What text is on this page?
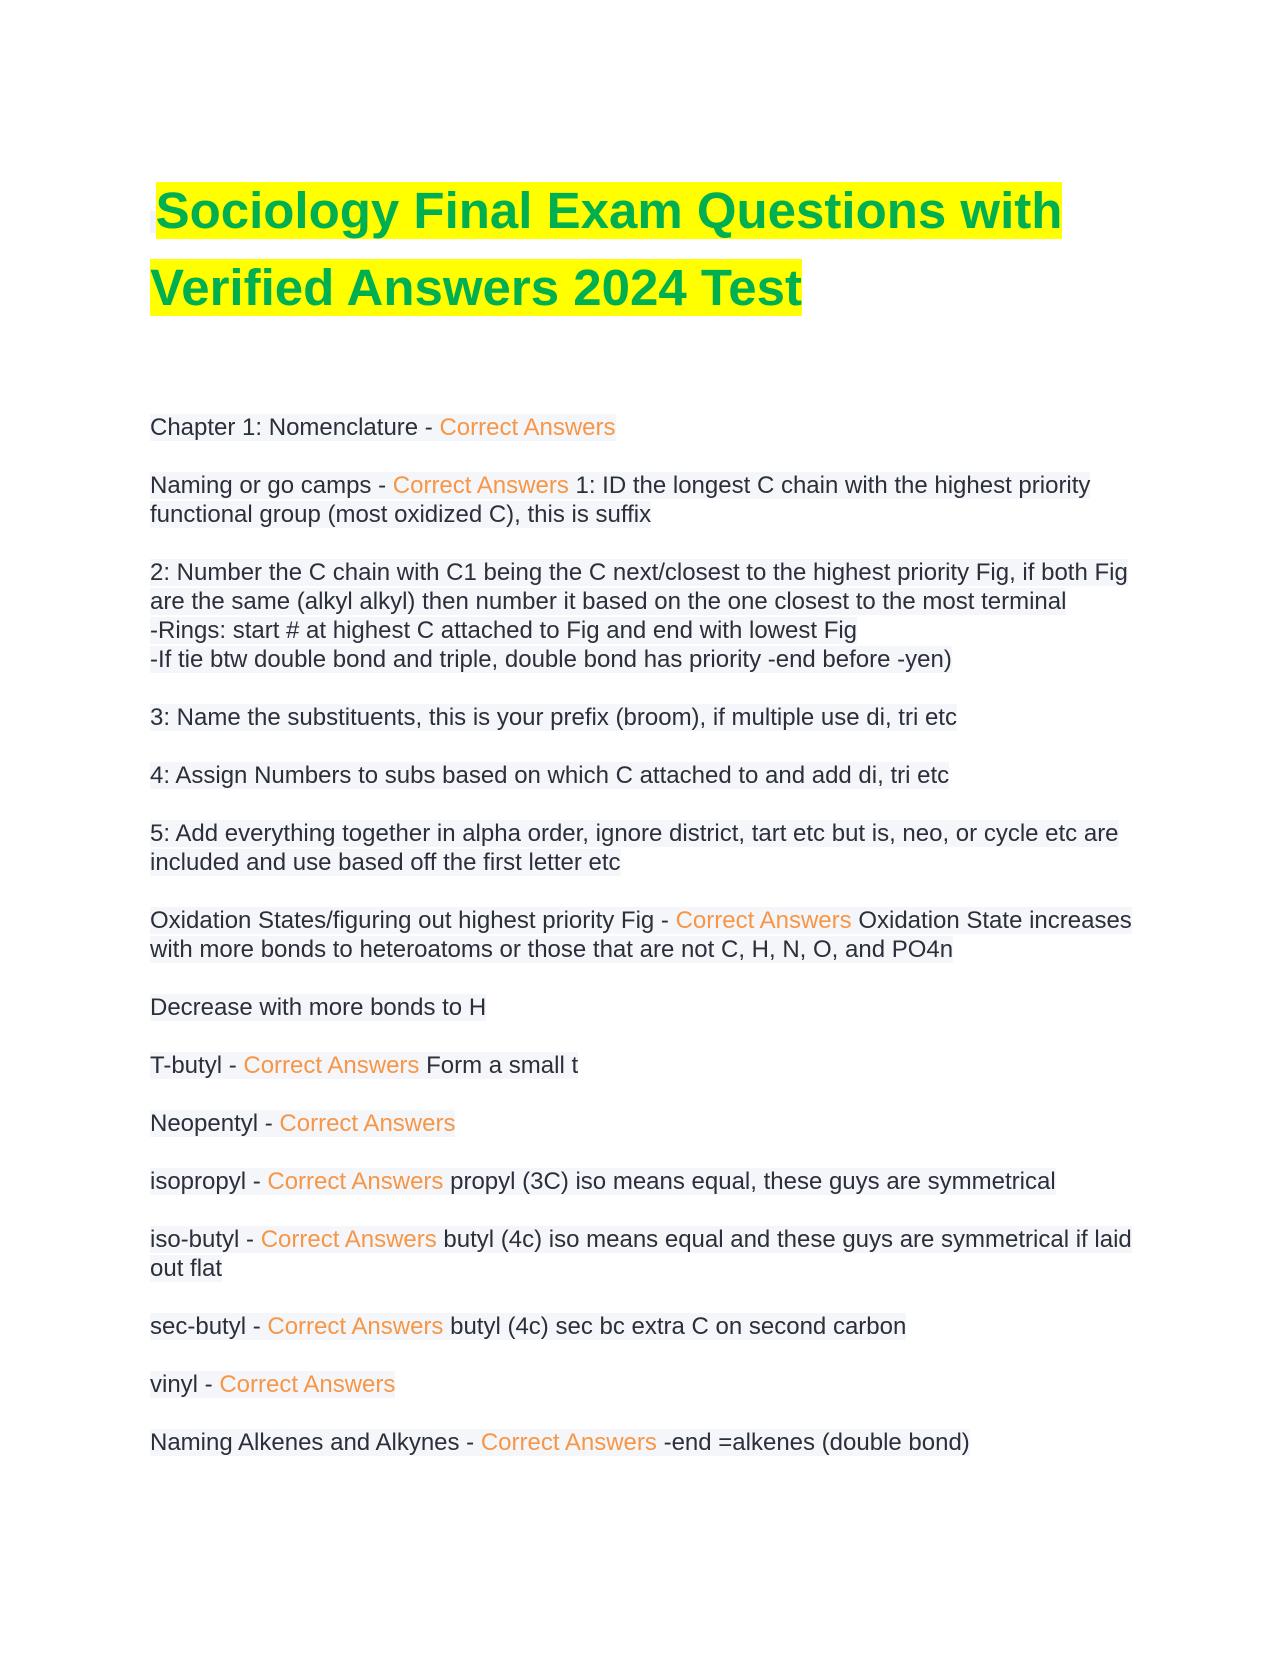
Sociology Final Exam Questions with
Verified Answers 2024 Test

Chapter 1: Nomenclature - Correct Answers

Naming or go camps - Correct Answers 1: ID the longest C chain with the highest priority functional group (most oxidized C), this is suffix

2: Number the C chain with C1 being the C next/closest to the highest priority Fig, if both Fig are the same (alkyl alkyl) then number it based on the one closest to the most terminal
-Rings: start # at highest C attached to Fig and end with lowest Fig
-If tie btw double bond and triple, double bond has priority -end before -yen)

3: Name the substituents, this is your prefix (broom), if multiple use di, tri etc

4: Assign Numbers to subs based on which C attached to and add di, tri etc

5: Add everything together in alpha order, ignore district, tart etc but is, neo, or cycle etc are included and use based off the first letter etc

Oxidation States/figuring out highest priority Fig - Correct Answers Oxidation State increases with more bonds to heteroatoms or those that are not C, H, N, O, and PO4n

Decrease with more bonds to H

T-butyl - Correct Answers Form a small t

Neopentyl - Correct Answers

isopropyl - Correct Answers propyl (3C) iso means equal, these guys are symmetrical

iso-butyl - Correct Answers butyl (4c) iso means equal and these guys are symmetrical if laid out flat

sec-butyl - Correct Answers butyl (4c) sec bc extra C on second carbon

vinyl - Correct Answers

Naming Alkenes and Alkynes - Correct Answers -end =alkenes (double bond)
